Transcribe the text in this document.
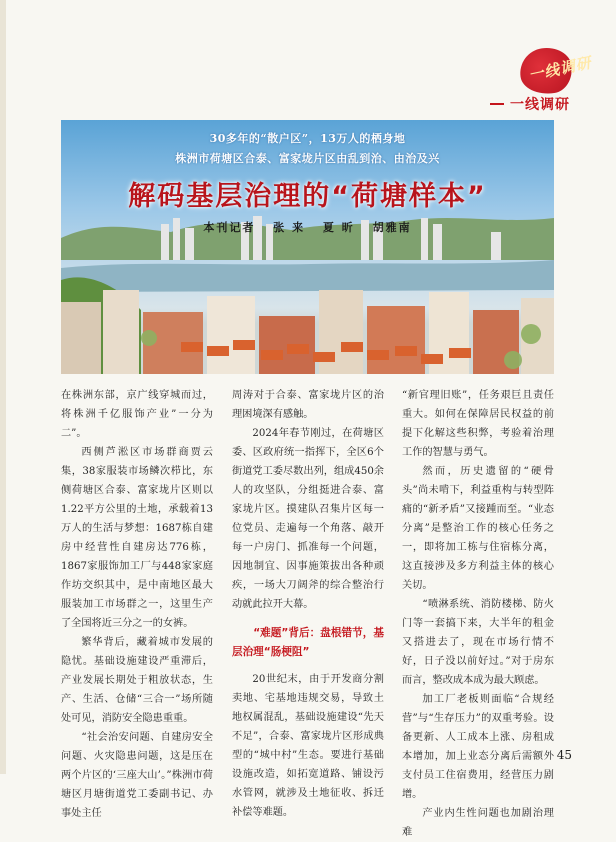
一线调研
一线调研
30多年的“散户区”，13万人的栖身地
株洲市荷塘区合泰、富家垅片区由乱到治、由治及兴
解码基层治理的“荷塘样本”
本刊记者 张 来 夏 昕 胡雅南

在株洲东部，京广线穿城而过，将株洲千亿服饰产业”一分为二”。

西侧芦淞区市场群商贾云集，38家服装市场鳞次栉比，东侧荷塘区合泰、富家垅片区则以1.22平方公里的土地，承载着13万人的生活与梦想：1687栋自建房中经营性自建房达776栋，1867家服饰加工厂与448家家庭作坊交织其中，是中南地区最大服装加工市场群之一，这里生产了全国将近三分之一的女裤。

繁华背后，藏着城市发展的隐忧。基础设施建设严重滞后，产业发展长期处于粗放状态，生产、生活、仓储“三合一”场所随处可见，消防安全隐患重重。

“社会治安问题、自建房安全问题、火灾隐患问题，这是压在两个片区的‘三座大山’。”株洲市荷塘区月塘街道党工委副书记、办事处主任

周涛对于合泰、富家垅片区的治理困境深有感触。

2024年春节刚过，在荷塘区委、区政府统一指挥下，全区6个街道党工委尽数出列，组成450余人的攻坚队，分组挺进合泰、富家垅片区。摸建队召集片区每一位党员、走遍每一个角落、敲开每一户房门、抓准每一个问题，因地制宜、因事施策拔出各种顽疾，一场大刀阔斧的综合整治行动就此拉开大幕。

“难题”背后：盘根错节，基层治理“肠梗阻”

20世纪末，由于开发商分割卖地、宅基地违规交易，导致土地权属混乱，基础设施建设“先天不足”，合泰、富家垅片区形成典型的“城中村”生态。要进行基础设施改造，如拓宽道路、铺设污水管网，就涉及土地征收、拆迁补偿等难题。

“新官理旧账”，任务艰巨且责任重大。如何在保障居民权益的前提下化解这些积弊，考验着治理工作的智慧与勇气。

然而，历史遗留的“硬骨头”尚未啃下，利益重构与转型阵痛的“新矛盾”又接踵而至。“业态分离”是整治工作的核心任务之一，即将加工栋与住宿栋分离，这直接涉及多方利益主体的核心关切。

“喷淋系统、消防楼梯、防火门等一套搞下来，大半年的租金又搭进去了，现在市场行情不好，日子没以前好过。”对于房东而言，整改成本成为最大顾虑。

加工厂老板则面临“合规经营”与“生存压力”的双重考验。设备更新、人工成本上涨、房租成本增加，加上业态分离后需额外支付员工住宿费用，经营压力剧增。

产业内生性问题也加剧治理难

45
